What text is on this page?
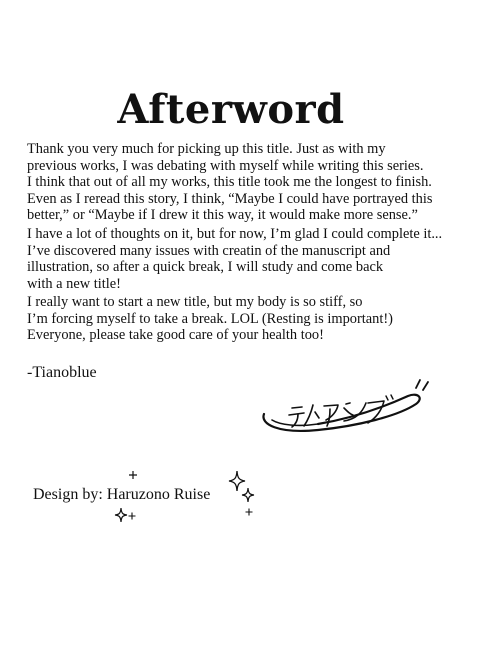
Afterword

Thank you very much for picking up this title. Just as with my
previous works, I was debating with myself while writing this series.
I think that out of all my works, this title took me the longest to finish.
Even as I reread this story, I think, “Maybe I could have portrayed this
better,” or “Maybe if I drew it this way, it would make more sense.”

I have a lot of thoughts on it, but for now, I’m glad I could complete it...
I’ve discovered many issues with creatin of the manuscript and
illustration, so after a quick break, I will study and come back
with a new title!

I really want to start a new title, but my body is so stiff, so
I’m forcing myself to take a break. LOL (Resting is important!)
Everyone, please take good care of your health too!

-Tianoblue
Design by: Haruzono Ruise
